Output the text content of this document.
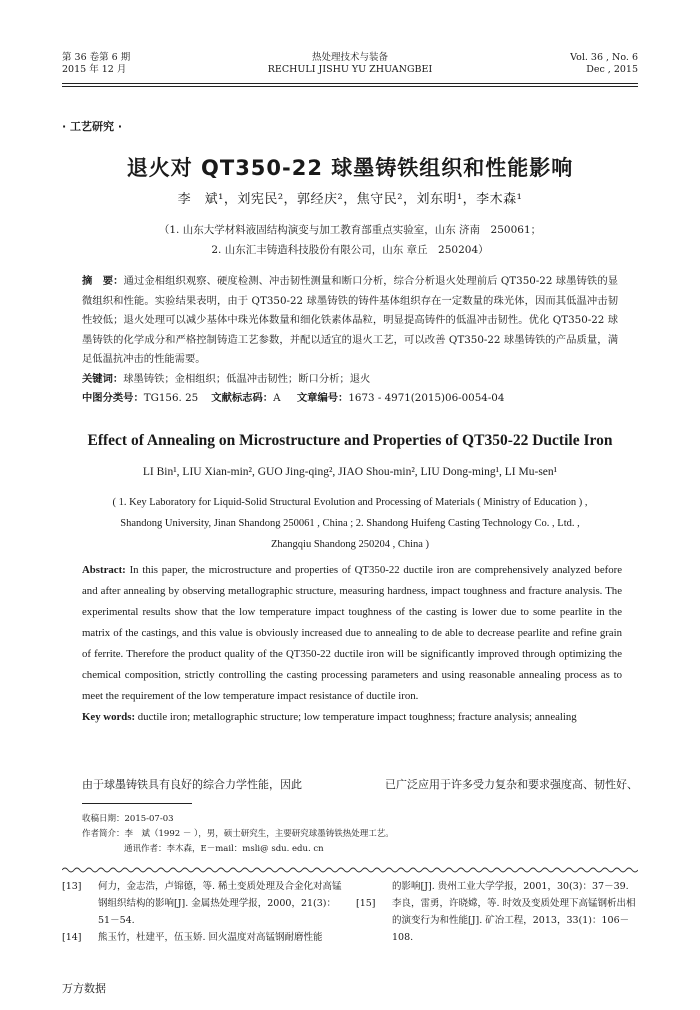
第 36 卷第 6 期
2015 年 12 月
热处理技术与装备
RECHULI JISHU YU ZHUANGBEI
Vol. 36 , No. 6
Dec , 2015
· 工艺研究 ·
退火对 QT350-22 球墨铸铁组织和性能影响
李　斌¹，刘宪民²，郭经庆²，焦守民²，刘东明¹，李木森¹
（1. 山东大学材料液固结构演变与加工教育部重点实验室，山东 济南　250061；
2. 山东汇丰铸造科技股份有限公司，山东 章丘　250204）
摘　要：通过金相组织观察、硬度检测、冲击韧性测量和断口分析，综合分析退火处理前后 QT350-22 球墨铸铁的显微组织和性能。实验结果表明，由于 QT350-22 球墨铸铁的铸件基体组织存在一定数量的珠光体，因而其低温冲击韧性较低；退火处理可以减少基体中珠光体数量和细化铁素体晶粒，明显提高铸件的低温冲击韧性。优化 QT350-22 球墨铸铁的化学成分和严格控制铸造工艺参数，并配以适宜的退火工艺，可以改善 QT350-22 球墨铸铁的产品质量，满足低温抗冲击的性能需要。
关键词：球墨铸铁；金相组织；低温冲击韧性；断口分析；退火
中图分类号：TG156. 25 文献标志码：A 文章编号：1673 - 4971(2015)06-0054-04
Effect of Annealing on Microstructure and Properties of QT350-22 Ductile Iron
LI Bin¹, LIU Xian-min², GUO Jing-qing², JIAO Shou-min², LIU Dong-ming¹, LI Mu-sen¹
( 1. Key Laboratory for Liquid-Solid Structural Evolution and Processing of Materials ( Ministry of Education ) ,
Shandong University, Jinan Shandong 250061 , China ; 2. Shandong Huifeng Casting Technology Co. , Ltd. ,
Zhangqiu Shandong 250204 , China )
Abstract: In this paper, the microstructure and properties of QT350-22 ductile iron are comprehensively analyzed before and after annealing by observing metallographic structure, measuring hardness, impact toughness and fracture analysis. The experimental results show that the low temperature impact toughness of the casting is lower due to some pearlite in the matrix of the castings, and this value is obviously increased due to annealing to de able to decrease pearlite and refine grain of ferrite. Therefore the product quality of the QT350-22 ductile iron will be significantly improved through optimizing the chemical composition, strictly controlling the casting processing parameters and using reasonable annealing process as to meet the requirement of the low temperature impact resistance of ductile iron.
Key words: ductile iron; metallographic structure; low temperature impact toughness; fracture analysis; annealing
由于球墨铸铁具有良好的综合力学性能，因此	已广泛应用于许多受力复杂和要求强度高、韧性好、
收稿日期：2015-07-03
作者简介：李　斌（1992 － ），男，硕士研究生，主要研究球墨铸铁热处理工艺。
通讯作者：李木森，E－mail：msli@ sdu. edu. cn
[13]	何力，金志浩，卢锦德，等. 稀土变质处理及合金化对高锰钢组织结构的影响[J]. 金属热处理学报，2000，21(3)：51－54.
[14]	熊玉竹，杜建平，伍玉娇. 回火温度对高锰钢耐磨性能
的影响[J]. 贵州工业大学学报，2001，30(3)：37－39.
[15]	李良，雷勇，许晓嫦，等. 时效及变质处理下高锰钢析出相的演变行为和性能[J]. 矿冶工程，2013，33(1)：106－108.
万方数据
